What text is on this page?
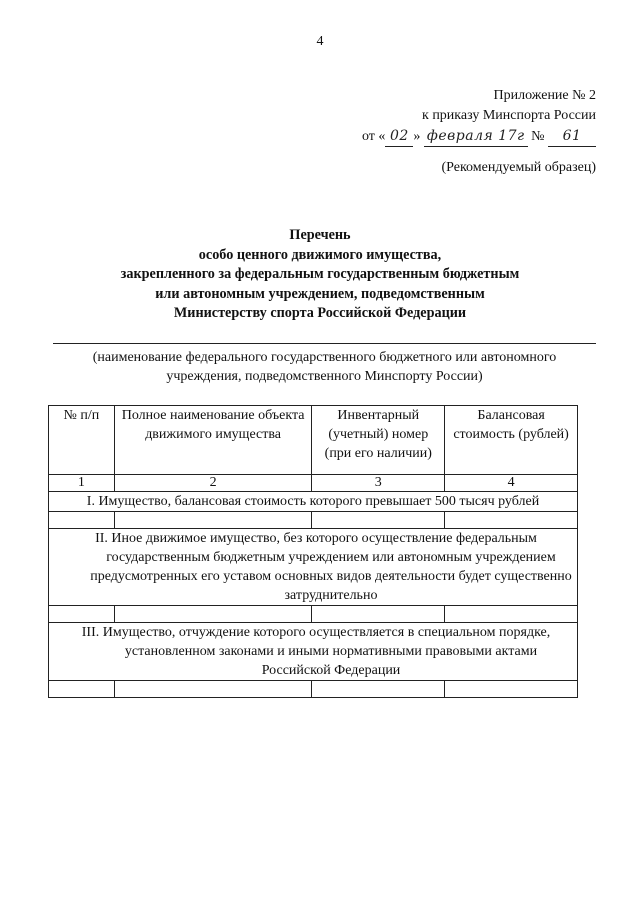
4
Приложение № 2
к приказу Минспорта России
от « 02 » февраля 17г № 61
(Рекомендуемый образец)
Перечень
особо ценного движимого имущества,
закрепленного за федеральным государственным бюджетным
или автономным учреждением, подведомственным
Министерству спорта Российской Федерации
(наименование федерального государственного бюджетного или автономного
учреждения, подведомственного Минспорту России)
№ п/п	Полное наименование объекта движимого имущества	Инвентарный (учетный) номер (при его наличии)	Балансовая стоимость (рублей)
1	2	3	4
I. Имущество, балансовая стоимость которого превышает 500 тысяч рублей			

II. Иное движимое имущество, без которого осуществление федеральным государственным бюджетным учреждением или автономным учреждением предусмотренных его уставом основных видов деятельности будет существенно затруднительно			

III. Имущество, отчуждение которого осуществляется в специальном порядке, установленном законами и иными нормативными правовыми актами Российской Федерации			
